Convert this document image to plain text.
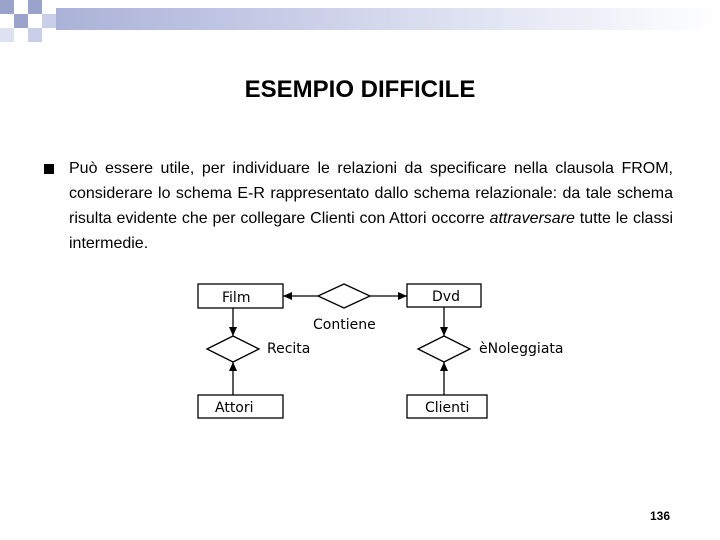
ESEMPIO DIFFICILE
Può essere utile, per individuare le relazioni da specificare nella clausola FROM, considerare lo schema E-R rappresentato dallo schema relazionale: da tale schema risulta evidente che per collegare Clienti con Attori occorre attraversare tutte le classi intermedie.
Film	Dvd
Attori	Clienti
Contiene
Recita	èNoleggiata
136
